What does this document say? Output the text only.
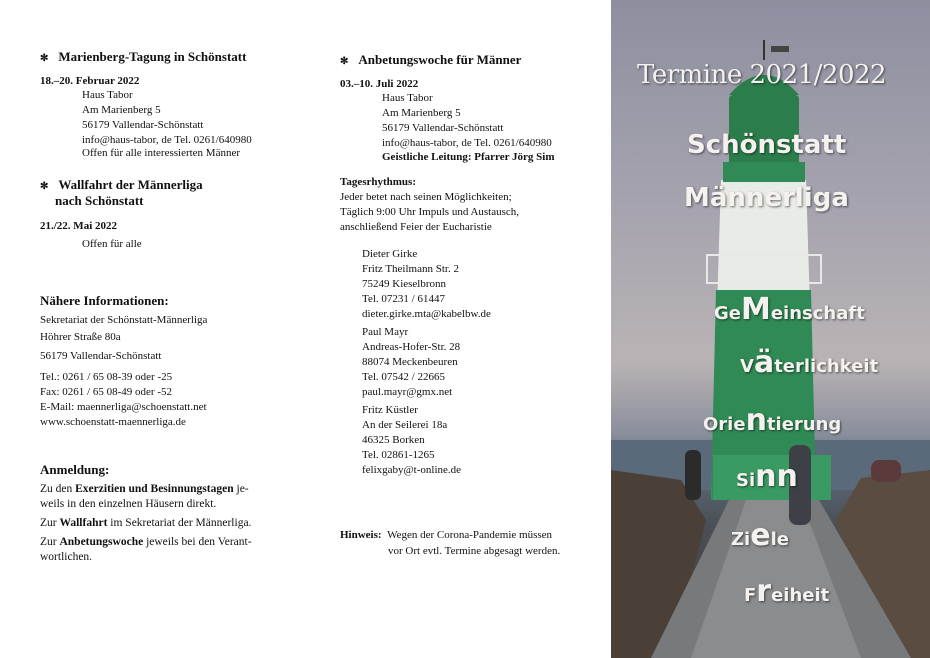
✻ Marienberg-Tagung in Schönstatt
18.–20. Februar 2022
Haus Tabor
Am Marienberg 5
56179 Vallendar-Schönstatt
info@haus-tabor, de Tel. 0261/640980
Offen für alle interessierten Männer
✻ Wallfahrt der Männerliga
nach Schönstatt
21./22. Mai 2022
Offen für alle
Nähere Informationen:
Sekretariat der Schönstatt-Männerliga
Höhrer Straße 80a
56179 Vallendar-Schönstatt
Tel.: 0261 / 65 08-39 oder -25
Fax: 0261 / 65 08-49 oder -52
E-Mail: maennerliga@schoenstatt.net
www.schoenstatt-maennerliga.de
Anmeldung:
Zu den Exerzitien und Besinnungstagen je-
weils in den einzelnen Häusern direkt.
Zur Wallfahrt im Sekretariat der Männerliga.
Zur Anbetungswoche jeweils bei den Verant-
wortlichen.
✻ Anbetungswoche für Männer
03.–10. Juli 2022
Haus Tabor
Am Marienberg 5
56179 Vallendar-Schönstatt
info@haus-tabor, de Tel. 0261/640980
Geistliche Leitung: Pfarrer Jörg Sim
Tagesrhythmus:
Jeder betet nach seinen Möglichkeiten;
Täglich 9:00 Uhr Impuls und Austausch,
anschließend Feier der Eucharistie
Dieter Girke
Fritz Theilmann Str. 2
75249 Kieselbronn
Tel. 07231 / 61447
dieter.girke.mta@kabelbw.de
Paul Mayr
Andreas-Hofer-Str. 28
88074 Meckenbeuren
Tel. 07542 / 22665
paul.mayr@gmx.net
Fritz Küstler
An der Seilerei 18a
46325 Borken
Tel. 02861-1265
felixgaby@t-online.de
Hinweis: Wegen der Corona-Pandemie müssen
vor Ort evtl. Termine abgesagt werden.
Termine 2021/2022
Schönstatt
Männerliga
GeMeinschaft
Väterlichkeit
Orientierung
Sinn
Ziele
Freiheit
